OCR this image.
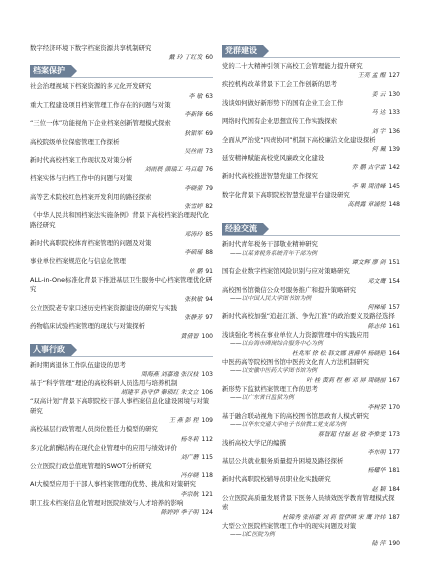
数字经济环境下数字档案资源共享机制研究

戴 玲 丁红发 60

档案保护

社会治理视域下档案资源的多元化开发研究

李 敏 63

重大工程建设项目档案管理工作存在的问题与对策

李新锋 66

“三位一体”功能视角下企业档案创新管理模式探索

狄银军 69

高校院级单位保密管理工作探析

吴丝雨 73

新时代高校档案工作现状及对策分析

刘雨晨 颜瑞工 马百超 76

档案实体与归档工作中的问题与对策

李晓蕾 79

高等艺术院校红色档案开发利用的路径探索

张雪婷 82

《中华人民共和国档案法实施条例》背景下高校档案治理现代化路径研究

邓涛玲 85

新时代高职院校体育档案管理的问题及对策

李硕瑶 88

事业单位档案规范化与信息化管理

单 鹏 91

ALL-in-One标准化背景下推进基层卫生服务中心档案管理优化研究

张秋敏 94

公立医院老专家口述历史档案资源建设的研究与实践

张静芳 97

药物临床试验档案管理的现状与对策探析

黄倩智 100

人事行政

新时期离退休工作队伍建设的思考

周海燕 刘嘉逸 张汉枝 103

基于“科学管理”理论的高校科研人员选用与培养机制

胡建平 孙守伊 秦琐红 朱文立 106

“双高计划”背景下高职院校干部人事档案信息化建设困境与对策研究

王 燕 彭 程 109

高校基层行政管理人员岗位胜任力模型的研究

杨冬莉 112

多元化薪酬结构在现代企业管理中的应用与绩效评价

刘广蘑 115

公立医院行政总值班管理的SWOT分析研究

冯存晓 118

AI大模型应用于干部人事档案管理的优势、挑战和对策研究

李宗航 121

职工技术档案信息化管理对医院绩效与人才培养的影响

陈婷婷 季子明 124

党群建设

党的二十大精神引领下高校工会管理能力提升研究

王亮 孟 醒 127

疾控机构改革背景下工会工作创新的思考

姜 云 130

浅谈如何做好新形势下的国有企业工会工作

马 达 133

网络时代国有企业思想宣传工作实践探索

刘 宇 136

全面从严治党“四责协同”机制下高校廉洁文化建设探析

何 珮 139

延安精神赋能高校党风廉政文化建设

乔 鹏 古学雷 142

新时代高校推进智慧党建工作探究

李 果 周清峰 145

数字化背景下高职院校智慧党建平台建设研究

高晨露 章涵悦 148

经验交流

新时代青年税务干部敬业精神研究

——以某省税务系统青年干部为例

谭文辉 廖 剑 151

国有企业数字档案馆风险识别与应对策略研究

邓文鹰 154

高校图书馆微信公众号服务推广和提升策略研究

——以中国人民大学图书馆为例

何梯瑶 157

新时代高校加强“追赶江浙、争先江淮”的政治要义及路径选择

陈志伟 161

浅谈强化考核在事业单位人力资源管理中的实践应用

——以台海市碑岗综合服务中心为例

杜兆军 徐 松 韩文娜 唐爵华 杨晓艳 164

中医药高等院校图书馆中医药文化育人方法机制研究

——以安徽中医药大学图书馆为例

叶 桂 黄莉 程 彬 邓 屏 周晓丽 167

新形势下监狱档案管理工作的思考

——以广东省日监狱为例

李树荣 170

基于融合联动视角下的高校图书馆思政育人模式研究

——以华东交通大学电子书信教工党支部为例

蔡智超 付磊 赵 敏 李惟雯 173

浅析高校大学记的编撰

李东明 177

基层公共就业服务质量提升困境及路径探析

杨耀华 181

新时代高职院校辅导员职业化实践研究

赵 颖 184

公立医院高质量发展背景下医务人员绩效医学教育管理模式探索

杜锦秀 张裕豪 刘 莉 管伊琪 宋 鹰 许炜 187

大型公立医院档案管理工作中的现实问题及对策

——以C医院为例

陆 萍 190
